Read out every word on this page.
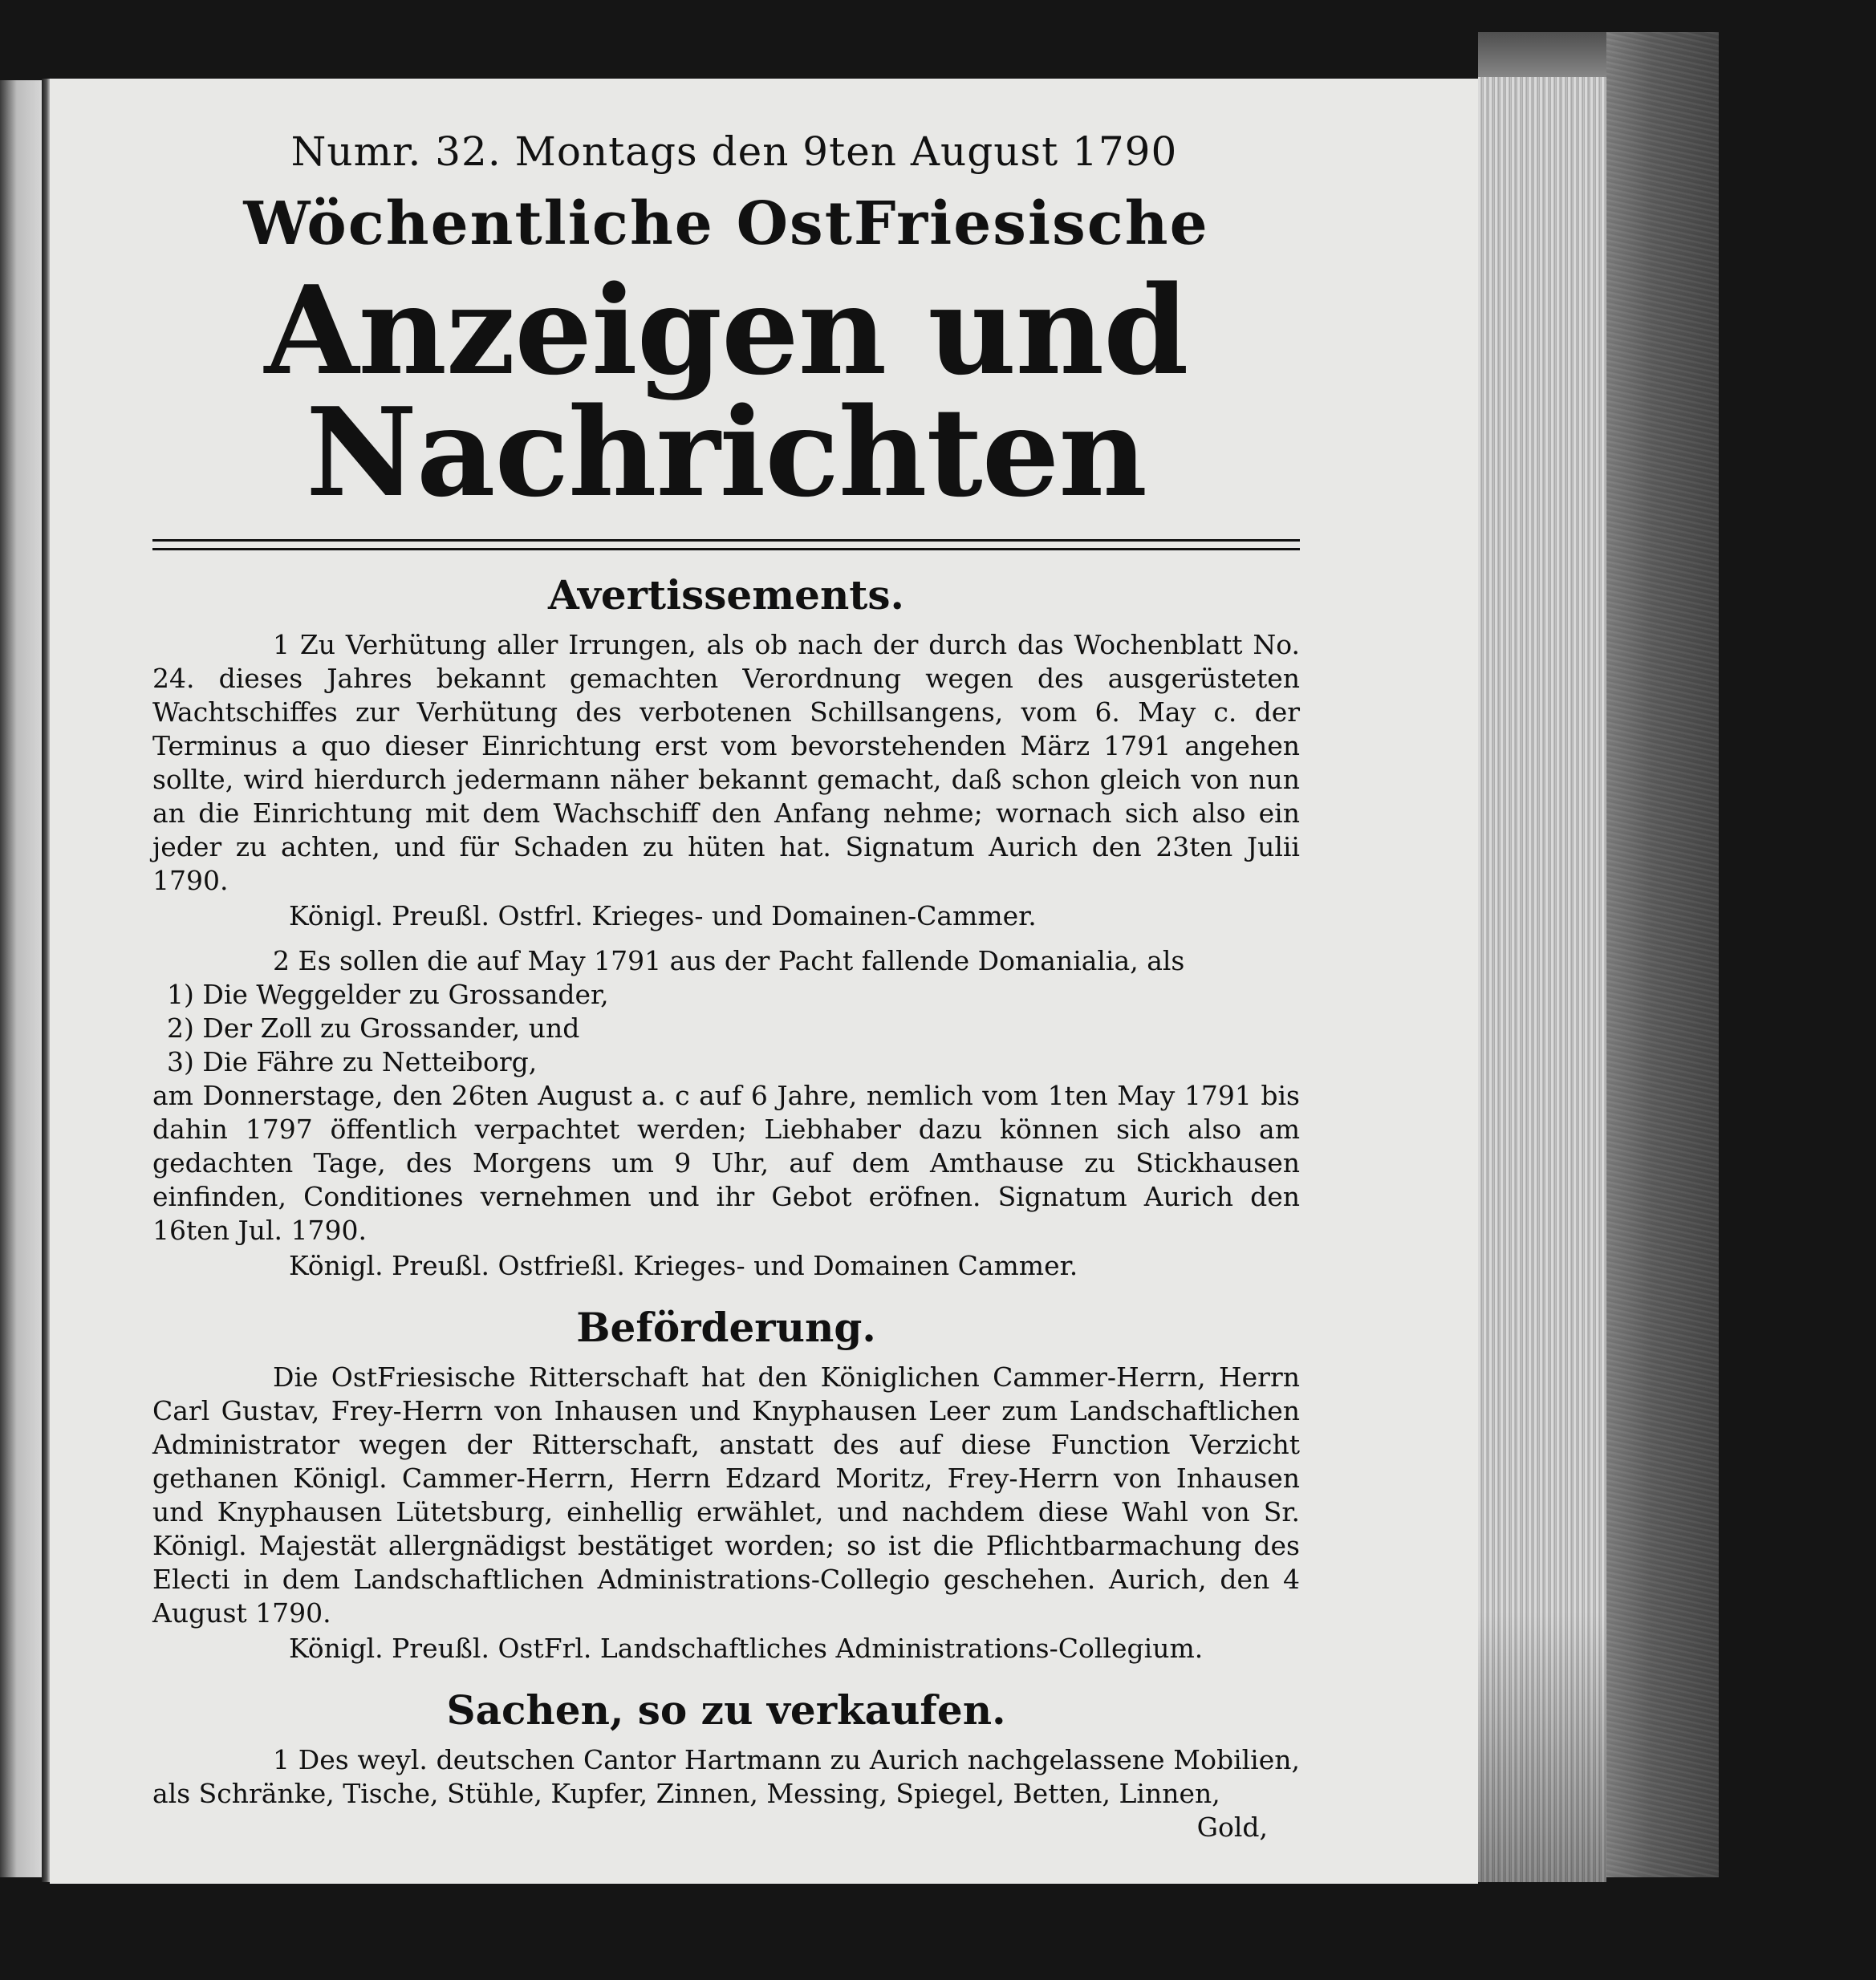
Numr. 32. Montags den 9ten August 1790
Wöchentliche OstFriesische
Anzeigen und Nachrichten
Avertissements.

1 Zu Verhütung aller Irrungen, als ob nach der durch das Wochenblatt No. 24. dieses Jahres bekannt gemachten Verordnung wegen des ausgerüsteten Wachtschiffes zur Verhütung des verbotenen Schillsangens, vom 6. May c. der Terminus a quo dieser Einrichtung erst vom bevorstehenden März 1791 angehen sollte, wird hierdurch jedermann näher bekannt gemacht, daß schon gleich von nun an die Einrichtung mit dem Wachschiff den Anfang nehme; wornach sich also ein jeder zu achten, und für Schaden zu hüten hat. Signatum Aurich den 23ten Julii 1790.

Königl. Preußl. Ostfrl. Krieges- und Domainen-Cammer.

2 Es sollen die auf May 1791 aus der Pacht fallende Domanialia, als

1) Die Weggelder zu Grossander,
2) Der Zoll zu Grossander, und
3) Die Fähre zu Netteiborg,

am Donnerstage, den 26ten August a. c auf 6 Jahre, nemlich vom 1ten May 1791 bis dahin 1797 öffentlich verpachtet werden; Liebhaber dazu können sich also am gedachten Tage, des Morgens um 9 Uhr, auf dem Amthause zu Stickhausen einfinden, Conditiones vernehmen und ihr Gebot eröfnen. Signatum Aurich den 16ten Jul. 1790.

Königl. Preußl. Ostfrießl. Krieges- und Domainen Cammer.
Beförderung.

Die OstFriesische Ritterschaft hat den Königlichen Cammer-Herrn, Herrn Carl Gustav, Frey-Herrn von Inhausen und Knyphausen Leer zum Landschaftlichen Administrator wegen der Ritterschaft, anstatt des auf diese Function Verzicht gethanen Königl. Cammer-Herrn, Herrn Edzard Moritz, Frey-Herrn von Inhausen und Knyphausen Lütetsburg, einhellig erwählet, und nachdem diese Wahl von Sr. Königl. Majestät allergnädigst bestätiget worden; so ist die Pflichtbarmachung des Electi in dem Landschaftlichen Administrations-Collegio geschehen. Aurich, den 4 August 1790.

Königl. Preußl. OstFrl. Landschaftliches Administrations-Collegium.
Sachen, so zu verkaufen.

1 Des weyl. deutschen Cantor Hartmann zu Aurich nachgelassene Mobilien, als Schränke, Tische, Stühle, Kupfer, Zinnen, Messing, Spiegel, Betten, Linnen,

Gold,
